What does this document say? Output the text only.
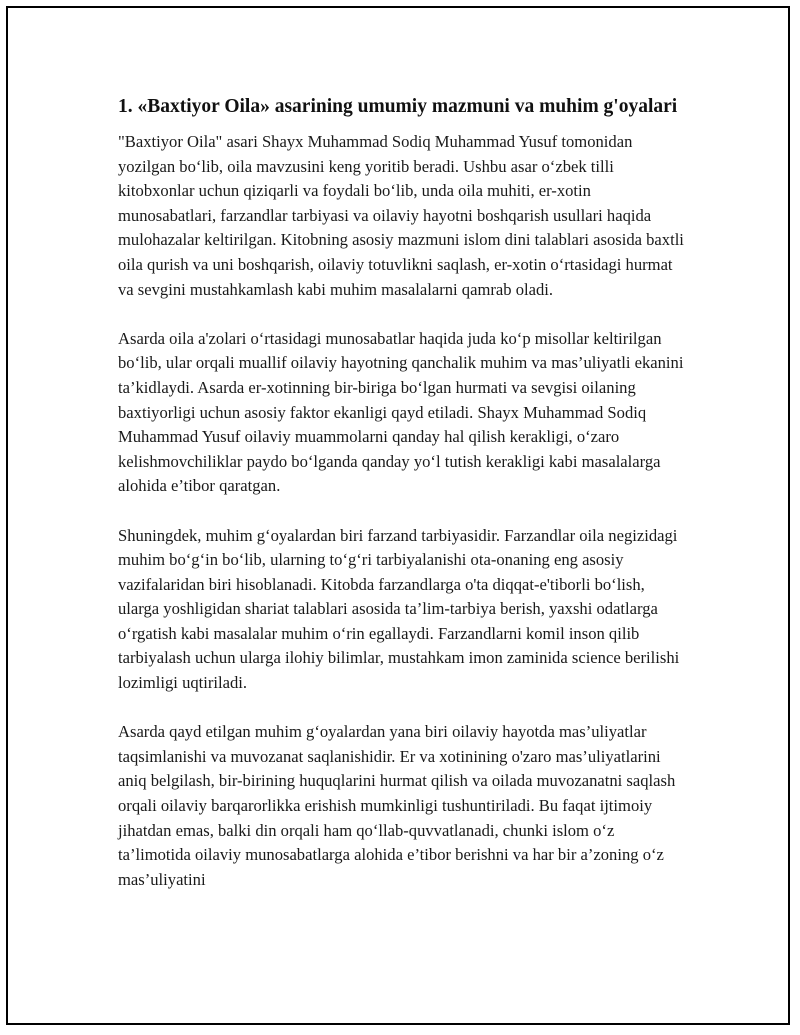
1. «Baxtiyor Oila» asarining umumiy mazmuni va muhim g'oyalari

"Baxtiyor Oila" asari Shayx Muhammad Sodiq Muhammad Yusuf tomonidan yozilgan bo‘lib, oila mavzusini keng yoritib beradi. Ushbu asar o‘zbek tilli kitobxonlar uchun qiziqarli va foydali bo‘lib, unda oila muhiti, er-xotin munosabatlari, farzandlar tarbiyasi va oilaviy hayotni boshqarish usullari haqida mulohazalar keltirilgan. Kitobning asosiy mazmuni islom dini talablari asosida baxtli oila qurish va uni boshqarish, oilaviy totuvlikni saqlash, er-xotin o‘rtasidagi hurmat va sevgini mustahkamlash kabi muhim masalalarni qamrab oladi.

Asarda oila a'zolari o‘rtasidagi munosabatlar haqida juda ko‘p misollar keltirilgan bo‘lib, ular orqali muallif oilaviy hayotning qanchalik muhim va mas’uliyatli ekanini ta’kidlaydi. Asarda er-xotinning bir-biriga bo‘lgan hurmati va sevgisi oilaning baxtiyorligi uchun asosiy faktor ekanligi qayd etiladi. Shayx Muhammad Sodiq Muhammad Yusuf oilaviy muammolarni qanday hal qilish kerakligi, o‘zaro kelishmovchiliklar paydo bo‘lganda qanday yo‘l tutish kerakligi kabi masalalarga alohida e’tibor qaratgan.

Shuningdek, muhim g‘oyalardan biri farzand tarbiyasidir. Farzandlar oila negizidagi muhim bo‘g‘in bo‘lib, ularning to‘g‘ri tarbiyalanishi ota-onaning eng asosiy vazifalaridan biri hisoblanadi. Kitobda farzandlarga o'ta diqqat-e'tiborli bo‘lish, ularga yoshligidan shariat talablari asosida ta’lim-tarbiya berish, yaxshi odatlarga o‘rgatish kabi masalalar muhim o‘rin egallaydi. Farzandlarni komil inson qilib tarbiyalash uchun ularga ilohiy bilimlar, mustahkam imon zaminida science berilishi lozimligi uqtiriladi.

Asarda qayd etilgan muhim g‘oyalardan yana biri oilaviy hayotda mas’uliyatlar taqsimlanishi va muvozanat saqlanishidir. Er va xotinining o'zaro mas’uliyatlarini aniq belgilash, bir-birining huquqlarini hurmat qilish va oilada muvozanatni saqlash orqali oilaviy barqarorlikka erishish mumkinligi tushuntiriladi. Bu faqat ijtimoiy jihatdan emas, balki din orqali ham qo‘llab-quvvatlanadi, chunki islom o‘z ta’limotida oilaviy munosabatlarga alohida e’tibor berishni va har bir a’zoning o‘z mas’uliyatini
